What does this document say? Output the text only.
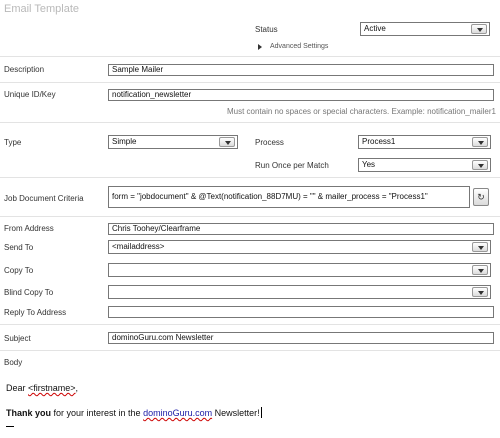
Email Template
Status	Active
Advanced Settings
Description	Sample Mailer
Unique ID/Key	notification_newsletter
Must contain no spaces or special characters. Example: notification_mailer1
Type	Simple	Process	Process1
Run Once per Match	Yes
Job Document Criteria	form = "jobdocument" & @Text(notification_88D7MU) = "" & mailer_process = "Process1"	↻
From Address	Chris Toohey/Clearframe
Send To	<mailaddress>
Copy To
Blind Copy To
Reply To Address
Subject	dominoGuru.com Newsletter
Body
Dear <firstname>,
Thank you for your interest in the dominoGuru.com Newsletter!
